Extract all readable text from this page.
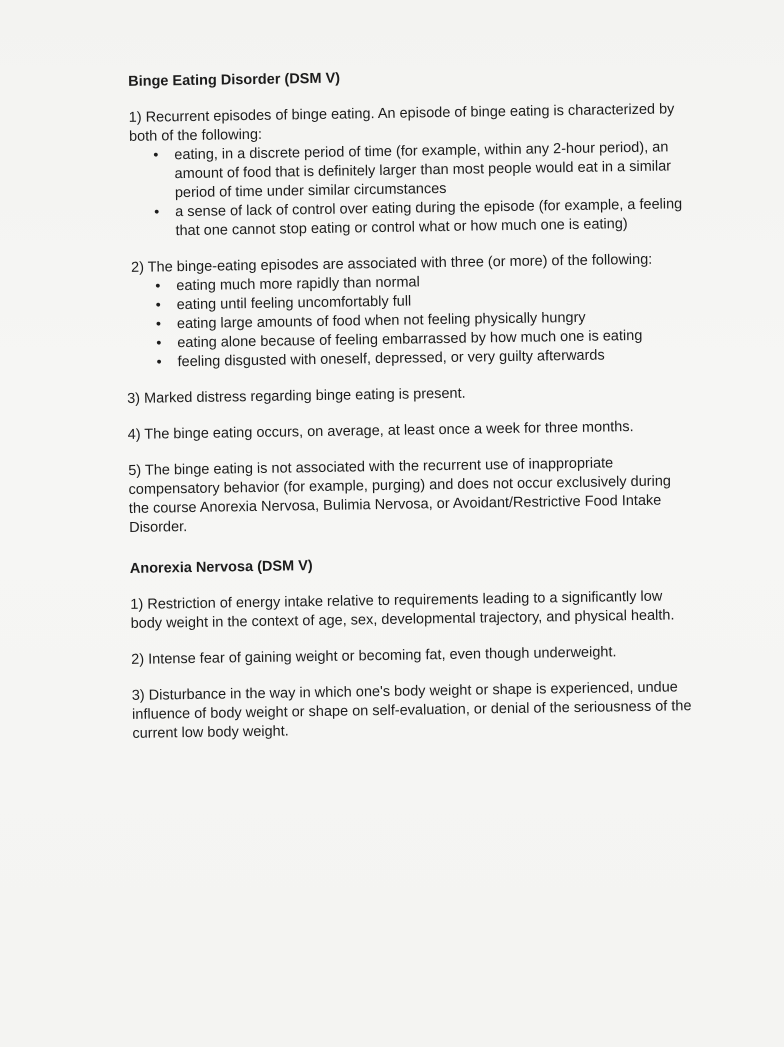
Binge Eating Disorder (DSM V)
1) Recurrent episodes of binge eating. An episode of binge eating is characterized by both of the following:
• eating, in a discrete period of time (for example, within any 2-hour period), an amount of food that is definitely larger than most people would eat in a similar period of time under similar circumstances
• a sense of lack of control over eating during the episode (for example, a feeling that one cannot stop eating or control what or how much one is eating)
2) The binge-eating episodes are associated with three (or more) of the following:
• eating much more rapidly than normal
• eating until feeling uncomfortably full
• eating large amounts of food when not feeling physically hungry
• eating alone because of feeling embarrassed by how much one is eating
• feeling disgusted with oneself, depressed, or very guilty afterwards
3) Marked distress regarding binge eating is present.
4) The binge eating occurs, on average, at least once a week for three months.
5) The binge eating is not associated with the recurrent use of inappropriate compensatory behavior (for example, purging) and does not occur exclusively during the course Anorexia Nervosa, Bulimia Nervosa, or Avoidant/Restrictive Food Intake Disorder.
Anorexia Nervosa (DSM V)
1) Restriction of energy intake relative to requirements leading to a significantly low body weight in the context of age, sex, developmental trajectory, and physical health.
2) Intense fear of gaining weight or becoming fat, even though underweight.
3) Disturbance in the way in which one's body weight or shape is experienced, undue influence of body weight or shape on self-evaluation, or denial of the seriousness of the current low body weight.
